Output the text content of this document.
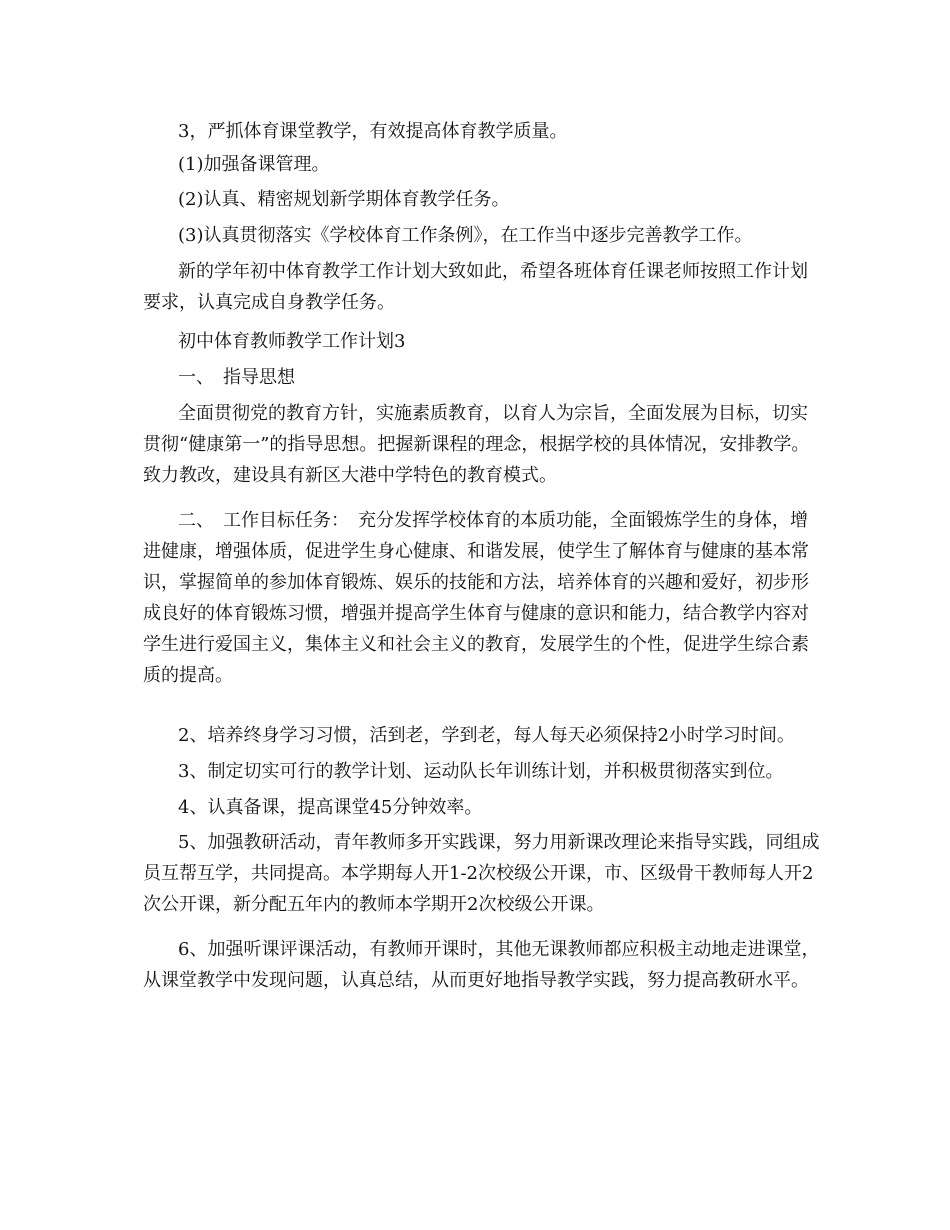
3，严抓体育课堂教学，有效提高体育教学质量。

(1)加强备课管理。

(2)认真、精密规划新学期体育教学任务。

(3)认真贯彻落实《学校体育工作条例》，在工作当中逐步完善教学工作。

新的学年初中体育教学工作计划大致如此，希望各班体育任课老师按照工作计划要求，认真完成自身教学任务。

初中体育教师教学工作计划3

一、　指导思想

全面贯彻党的教育方针，实施素质教育，以育人为宗旨，全面发展为目标，切实贯彻“健康第一”的指导思想。把握新课程的理念，根据学校的具体情况，安排教学。致力教改，建设具有新区大港中学特色的教育模式。

二、　工作目标任务：　充分发挥学校体育的本质功能，全面锻炼学生的身体，增进健康，增强体质，促进学生身心健康、和谐发展，使学生了解体育与健康的基本常识，掌握简单的参加体育锻炼、娱乐的技能和方法，培养体育的兴趣和爱好，初步形成良好的体育锻炼习惯，增强并提高学生体育与健康的意识和能力，结合教学内容对学生进行爱国主义，集体主义和社会主义的教育，发展学生的个性，促进学生综合素质的提高。

2、培养终身学习习惯，活到老，学到老，每人每天必须保持2小时学习时间。

3、制定切实可行的教学计划、运动队长年训练计划，并积极贯彻落实到位。

4、认真备课，提高课堂45分钟效率。

5、加强教研活动，青年教师多开实践课，努力用新课改理论来指导实践，同组成员互帮互学，共同提高。本学期每人开1-2次校级公开课，市、区级骨干教师每人开2次公开课，新分配五年内的教师本学期开2次校级公开课。

6、加强听课评课活动，有教师开课时，其他无课教师都应积极主动地走进课堂，从课堂教学中发现问题，认真总结，从而更好地指导教学实践，努力提高教研水平。
